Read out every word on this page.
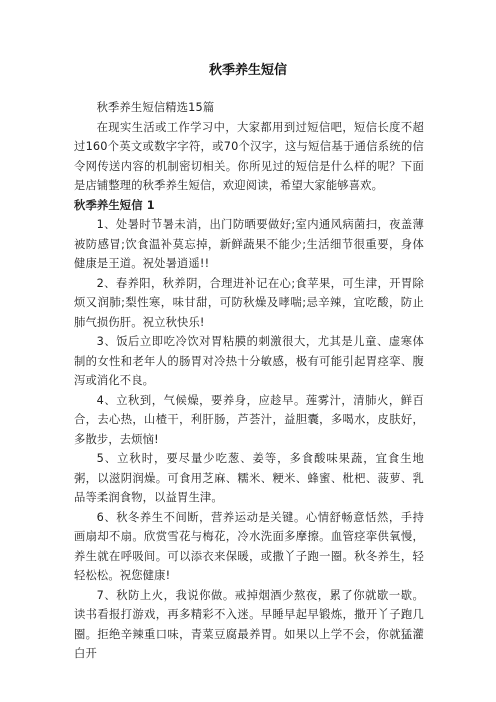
秋季养生短信

秋季养生短信精选15篇

在现实生活或工作学习中，大家都用到过短信吧，短信长度不超过160个英文或数字字符，或70个汉字，这与短信基于通信系统的信令网传送内容的机制密切相关。你所见过的短信是什么样的呢？下面是店铺整理的秋季养生短信，欢迎阅读，希望大家能够喜欢。

秋季养生短信 1

1、处暑时节暑未消，出门防晒要做好;室内通风病菌扫，夜盖薄被防感冒;饮食温补莫忘掉，新鲜蔬果不能少;生活细节很重要，身体健康是王道。祝处暑逍遥!!

2、春养阳，秋养阴，合理进补记在心;食苹果，可生津，开胃除烦又润肺;梨性寒，味甘甜，可防秋燥及哮喘;忌辛辣，宜吃酸，防止肺气损伤肝。祝立秋快乐!

3、饭后立即吃冷饮对胃粘膜的刺激很大，尤其是儿童、虚寒体制的女性和老年人的肠胃对冷热十分敏感，极有可能引起胃痉挛、腹泻或消化不良。

4、立秋到，气候燥，要养身，应趁早。莲雾汁，清肺火，鲜百合，去心热，山楂干，利肝肠，芦荟汁，益胆囊，多喝水，皮肤好，多散步，去烦恼!

5、立秋时，要尽量少吃葱、姜等，多食酸味果蔬，宜食生地粥，以滋阴润燥。可食用芝麻、糯米、粳米、蜂蜜、枇杷、菠萝、乳品等柔润食物，以益胃生津。

6、秋冬养生不间断，营养运动是关键。心情舒畅意恬然，手持画扇却不扇。欣赏雪花与梅花，冷水洗面多摩擦。血管痉挛供氧慢，养生就在呼吸间。可以添衣来保暖，或撒丫子跑一圈。秋冬养生，轻轻松松。祝您健康!

7、秋防上火，我说你做。戒掉烟酒少熬夜，累了你就歇一歇。读书看报打游戏，再多精彩不入迷。早睡早起早锻炼，撒开丫子跑几圈。拒绝辛辣重口味，青菜豆腐最养胃。如果以上学不会，你就猛灌白开
